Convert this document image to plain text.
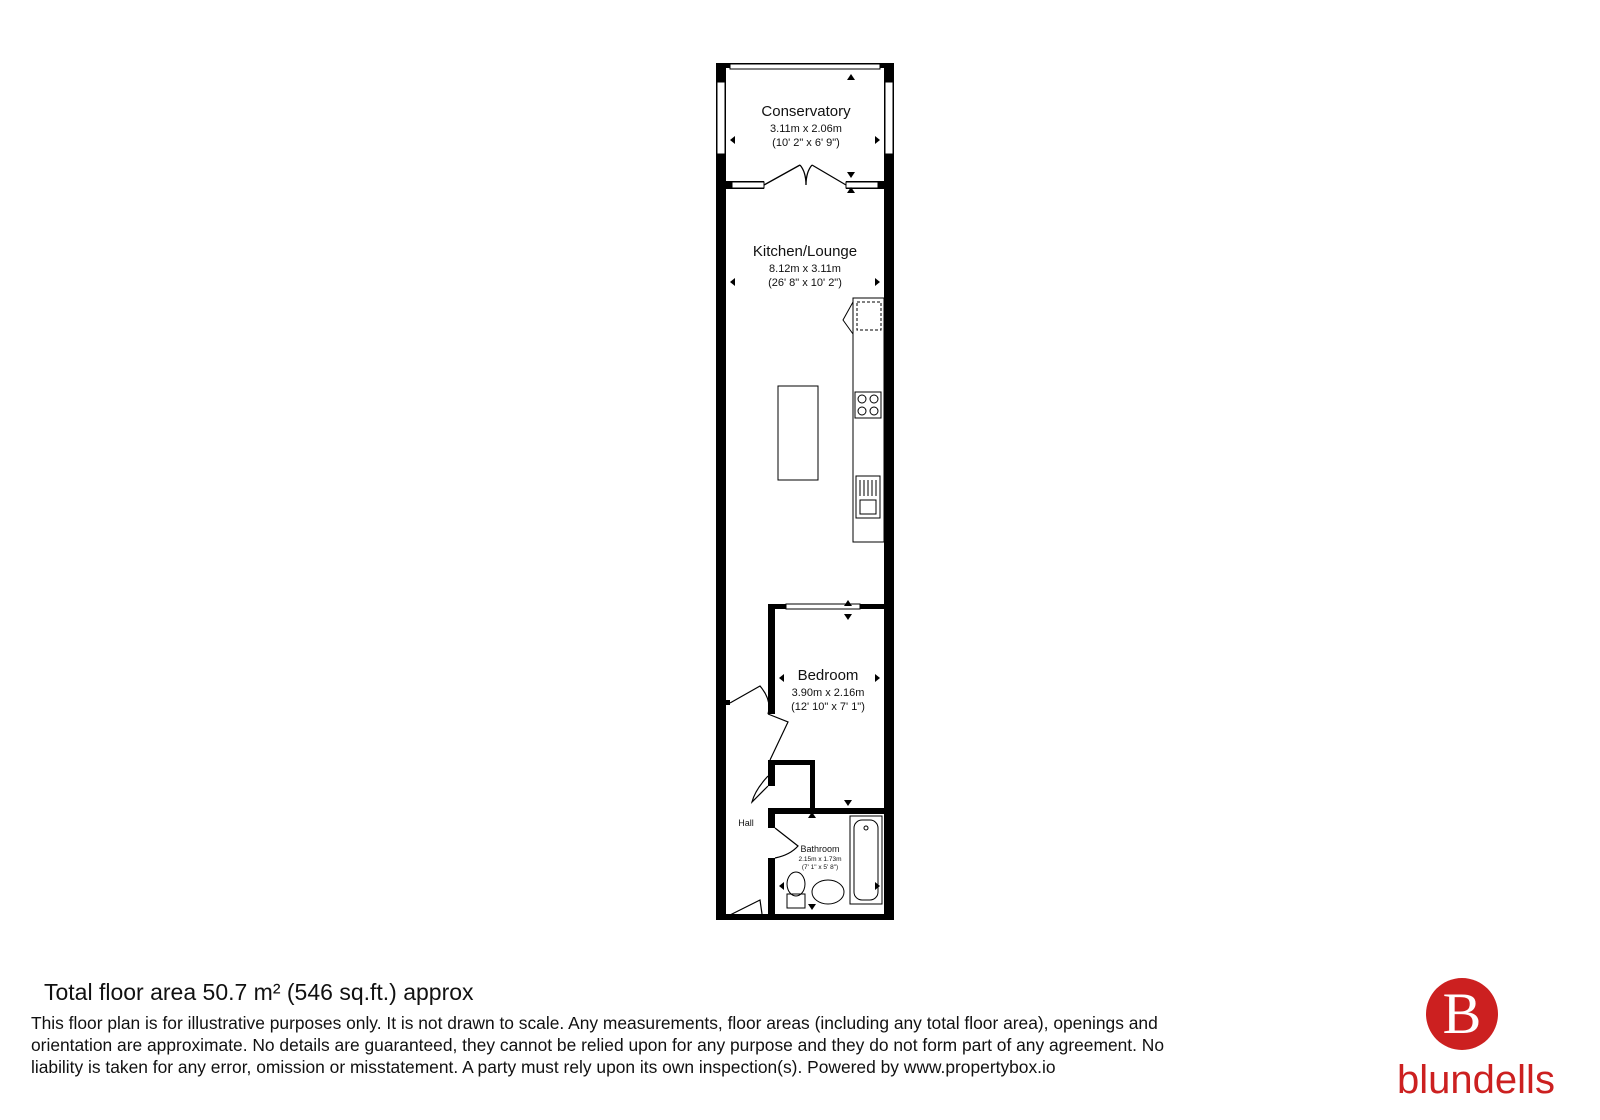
Conservatory
3.11m x 2.06m
(10' 2" x 6' 9")
Kitchen/Lounge
8.12m x 3.11m
(26' 8" x 10' 2")
Bedroom
3.90m x 2.16m
(12' 10" x 7' 1")
Hall
Bathroom
2.15m x 1.73m
(7' 1" x 5' 8")
Total floor area 50.7 m² (546 sq.ft.) approx
This floor plan is for illustrative purposes only. It is not drawn to scale. Any measurements, floor areas (including any total floor area), openings and
orientation are approximate. No details are guaranteed, they cannot be relied upon for any purpose and they do not form part of any agreement. No
liability is taken for any error, omission or misstatement. A party must rely upon its own inspection(s). Powered by www.propertybox.io
B
blundells
